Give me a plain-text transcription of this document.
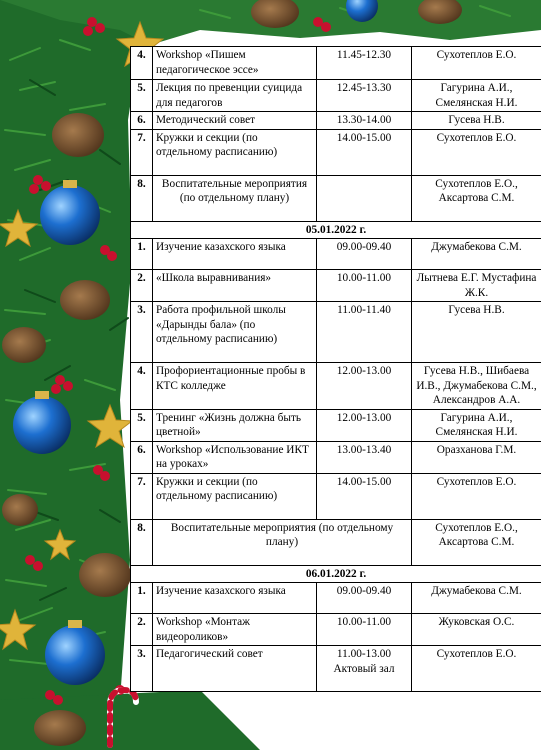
4.	Workshop «Пишем педагогическое эссе»	11.45-12.30	Сухотеплов Е.О.
5.	Лекция по превенции суицида для педагогов	12.45-13.30	Гагурина А.И., Смелянская Н.И.
6.	Методический совет	13.30-14.00	Гусева Н.В.
7.	Кружки и секции (по отдельному расписанию)	14.00-15.00	Сухотеплов Е.О.
8.	Воспитательные мероприятия (по отдельному плану)		Сухотеплов Е.О., Аксартова С.М.
05.01.2022 г.			
1.	Изучение казахского языка	09.00-09.40	Джумабекова С.М.
2.	«Школа выравнивания»	10.00-11.00	Лытнева Е.Г. Мустафина Ж.К.
3.	Работа профильной школы «Дарынды бала» (по отдельному расписанию)	11.00-11.40	Гусева Н.В.
4.	Профориентационные пробы в КТС колледже	12.00-13.00	Гусева Н.В., Шибаева И.В., Джумабекова С.М., Александров А.А.
5.	Тренинг «Жизнь должна быть цветной»	12.00-13.00	Гагурина А.И., Смелянская Н.И.
6.	Workshop «Использование ИКТ на уроках»	13.00-13.40	Оразханова Г.М.
7.	Кружки и секции (по отдельному расписанию)	14.00-15.00	Сухотеплов Е.О.
8.	Воспитательные мероприятия (по отдельному плану)		Сухотеплов Е.О., Аксартова С.М.
06.01.2022 г.			
1.	Изучение казахского языка	09.00-09.40	Джумабекова С.М.
2.	Workshop «Монтаж видеороликов»	10.00-11.00	Жуковская О.С.
3.	Педагогический совет	11.00-13.00 Актовый зал	Сухотеплов Е.О.
